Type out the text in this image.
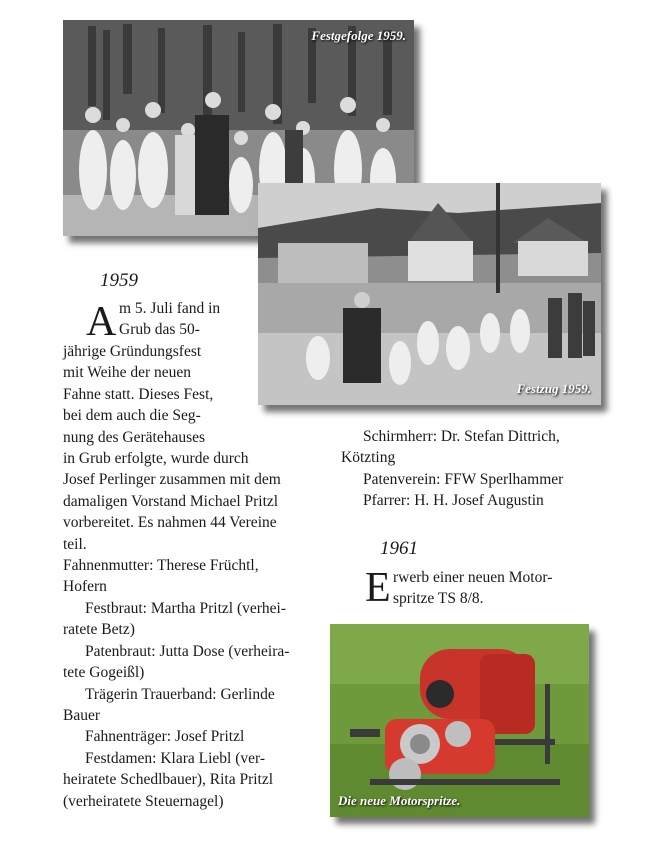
Festgefolge 1959.
Festzug 1959.
1959
A m 5. Juli fand in
Grub das 50-
jährige Gründungsfest
mit Weihe der neuen
Fahne statt. Dieses Fest,
bei dem auch die Seg-
nung des Gerätehauses
in Grub erfolgte, wurde durch
Josef Perlinger zusammen mit dem
damaligen Vorstand Michael Pritzl
vorbereitet. Es nahmen 44 Vereine
teil.
Fahnenmutter: Therese Früchtl,
Hofern
Festbraut: Martha Pritzl (verhei-
ratete Betz)
Patenbraut: Jutta Dose (verheira-
tete Gogeißl)
Trägerin Trauerband: Gerlinde
Bauer
Fahnenträger: Josef Pritzl
Festdamen: Klara Liebl (ver-
heiratete Schedlbauer), Rita Pritzl
(verheiratete Steuernagel)
Schirmherr: Dr. Stefan Dittrich,
Kötzting
Patenverein: FFW Sperlhammer
Pfarrer: H. H. Josef Augustin
1961
E rwerb einer neuen Motor-
spritze TS 8/8.
Die neue Motorspritze.
